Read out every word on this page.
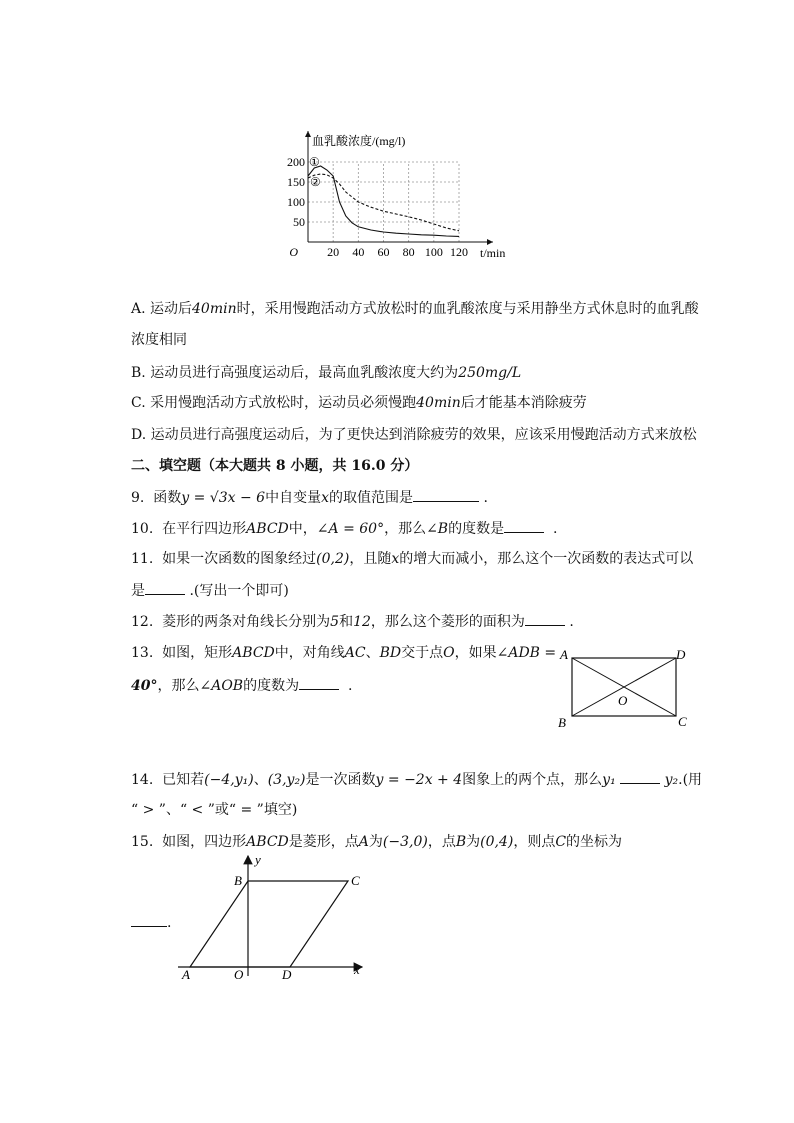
20 40 60 80 100 120
50
100
150
200
O	t/min
血乳酸浓度/(mg/l)
①
②
A. 运动后40min时，采用慢跑活动方式放松时的血乳酸浓度与采用静坐方式休息时的血乳酸
浓度相同
B. 运动员进行高强度运动后，最高血乳酸浓度大约为250mg/L
C. 采用慢跑活动方式放松时，运动员必须慢跑40min后才能基本消除疲劳
D. 运动员进行高强度运动后，为了更快达到消除疲劳的效果，应该采用慢跑活动方式来放松
二、填空题（本大题共 8 小题，共 16.0 分）
9. 函数y = √3x − 6中自变量x的取值范围是	.
10. 在平行四边形ABCD中，∠A = 60°，那么∠B的度数是	.
11. 如果一次函数的图象经过(0,2)，且随x的增大而减小，那么这个一次函数的表达式可以
是	.(写出一个即可)
12. 菱形的两条对角线长分别为5和12，那么这个菱形的面积为	.
13. 如图，矩形ABCD中，对角线AC、BD交于点O，如果∠ADB =
40°，那么∠AOB的度数为	.
A	D
B	C
O
14. 已知若(−4,y₁)、(3,y₂)是一次函数y = −2x + 4图象上的两个点，那么y₁	y₂.(用
“ > ”、“ < ”或“ = ”填空)
15. 如图，四边形ABCD是菱形，点A为(−3,0)，点B为(0,4)，则点C的坐标为
.
A	O	D
B	C
x
y
